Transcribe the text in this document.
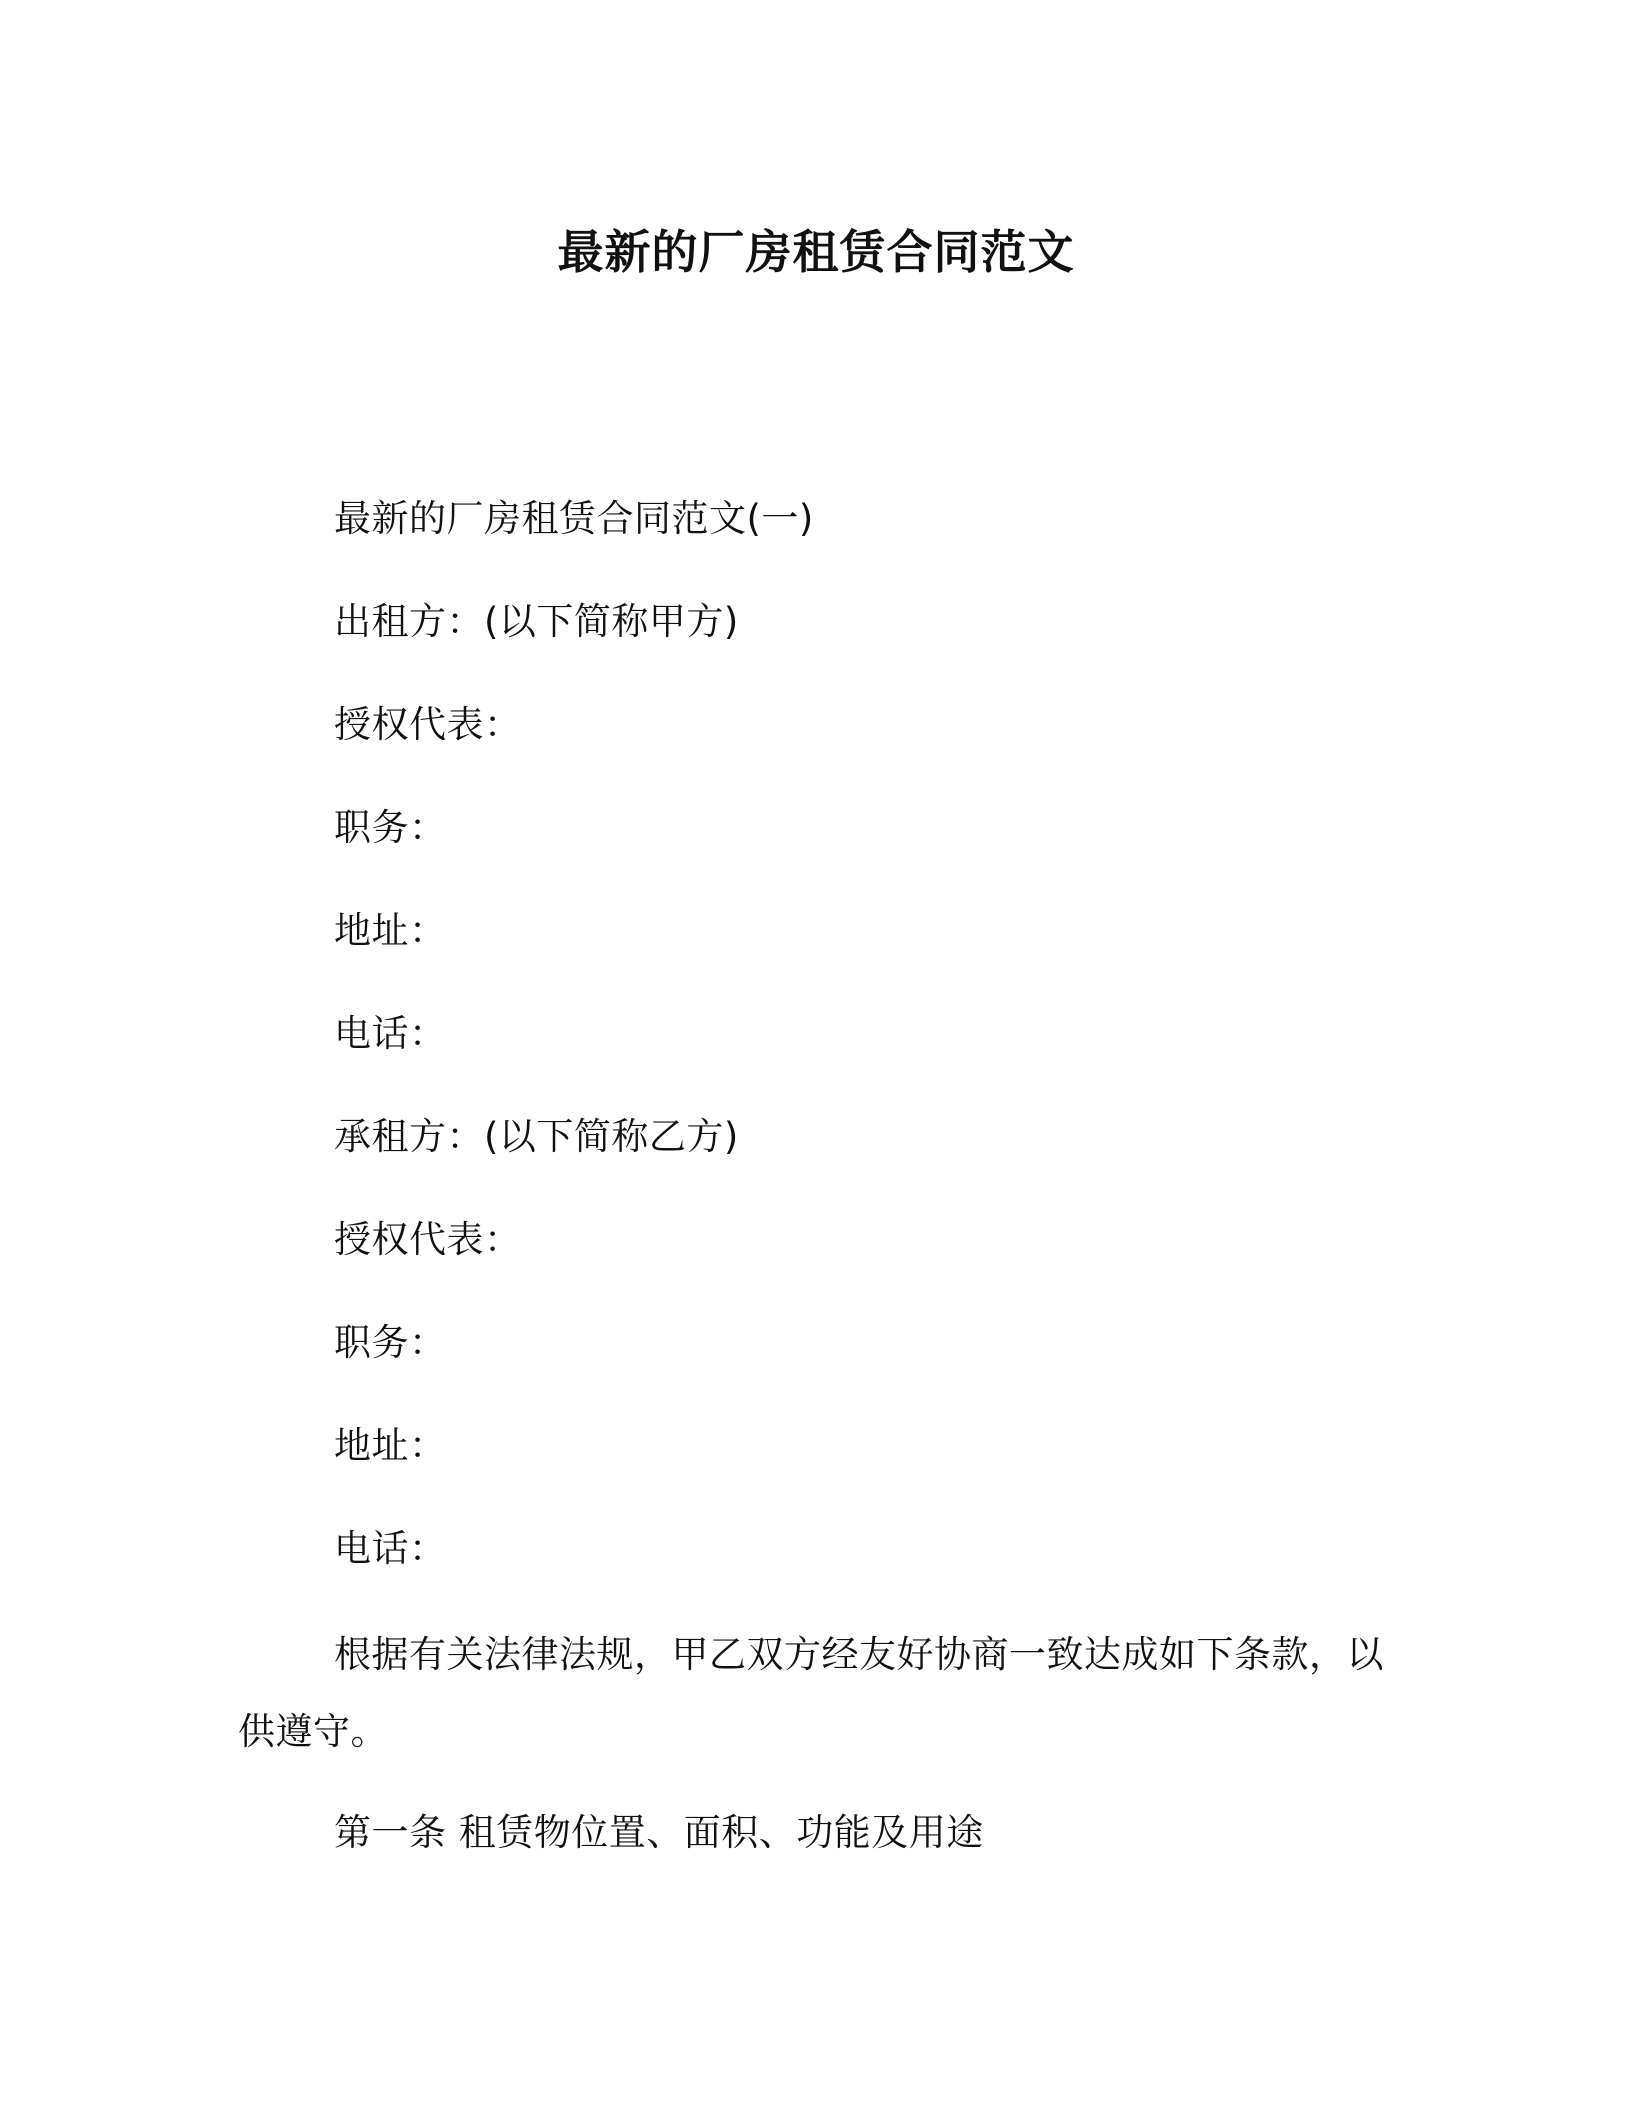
最新的厂房租赁合同范文
最新的厂房租赁合同范文(一)
出租方：(以下简称甲方)
授权代表：
职务：
地址：
电话：
承租方：(以下简称乙方)
授权代表：
职务：
地址：
电话：
根据有关法律法规，甲乙双方经友好协商一致达成如下条款，以供遵守。
第一条 租赁物位置、面积、功能及用途
